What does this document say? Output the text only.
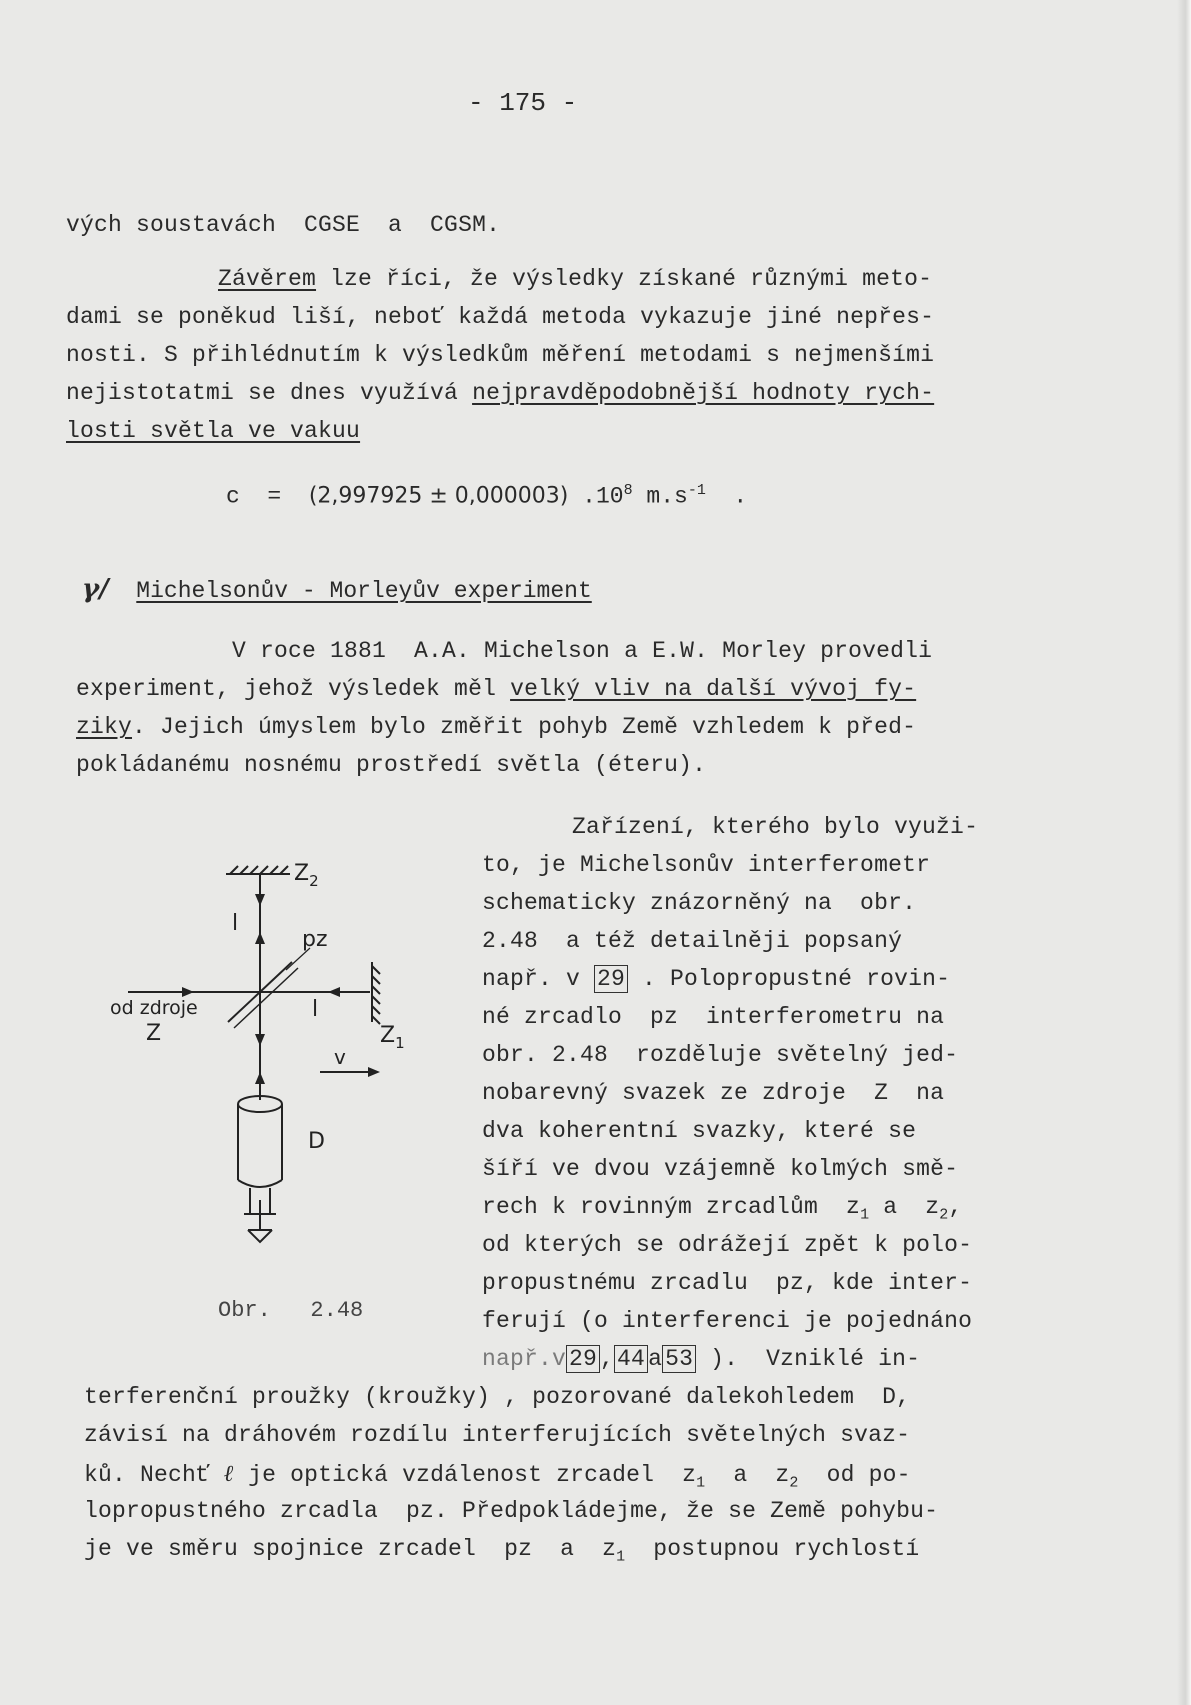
- 175 -
vých soustavách  CGSE  a  CGSM.
Závěrem lze říci, že výsledky získané různými meto-
dami se poněkud liší, neboť každá metoda vykazuje jiné nepřes-
nosti. S přihlédnutím k výsledkům měření metodami s nejmenšími
nejistotatmi se dnes využívá nejpravděpodobnější hodnoty rych-
losti světla ve vakuu
c  =  (2,997925 ± 0,000003) $.10^8$ $m.s^{-1}$  .
γ/ Michelsonův - Morleyův experiment
V roce 1881  A.A. Michelson a E.W. Morley provedli
experiment, jehož výsledek měl velký vliv na další vývoj fy-
ziky. Jejich úmyslem bylo změřit pohyb Země vzhledem k před-
pokládanému nosnému prostředí světla (éteru).
Zařízení, kterého bylo využi-
to, je Michelsonův interferometr
schematicky znázorněný na  obr.
2.48  a též detailněji popsaný
např. v 29 . Polopropustné rovin-
né zrcadlo  pz  interferometru na
obr. 2.48  rozděluje světelný jed-
nobarevný svazek ze zdroje  Z  na
dva koherentní svazky, které se
šíří ve dvou vzájemně kolmých smě-
rech k rovinným zrcadlům  $z_1$ a  $z_2$,
od kterých se odrážejí zpět k polo-
propustnému zrcadlu  pz, kde inter-
ferují (o interferenci je pojednáno
např.v 29 , 44 a 53 ).  Vzniklé in-
terferenční proužky (kroužky) , pozorované dalekohledem  D,
závisí na dráhovém rozdílu interferujících světelných svaz-
ků. Nechť ℓ je optická vzdálenost zrcadel  $z_1$  a  $z_2$  od po-
lopropustného zrcadla  pz. Předpokládejme, že se Země pohybu-
je ve směru spojnice zrcadel  pz  a  $z_1$  postupnou rychlostí
$Z_2$
l
pz
od zdroje
Z
l
$Z_1$
v
D
Obr.   2.48
